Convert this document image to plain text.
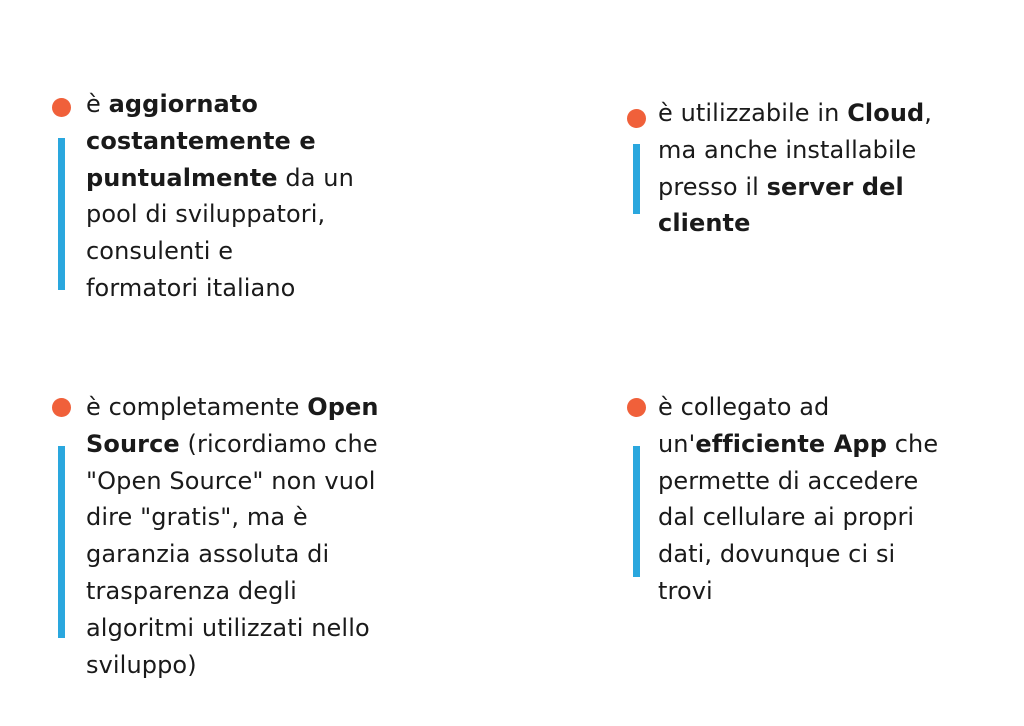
è aggiornato
costantemente e
puntualmente da un
pool di sviluppatori,
consulenti e
formatori italiano

è utilizzabile in Cloud,
ma anche installabile
presso il server del
cliente

è completamente Open
Source (ricordiamo che
"Open Source" non vuol
dire "gratis", ma è
garanzia assoluta di
trasparenza degli
algoritmi utilizzati nello
sviluppo)

è collegato ad
un'efficiente App che
permette di accedere
dal cellulare ai propri
dati, dovunque ci si
trovi
